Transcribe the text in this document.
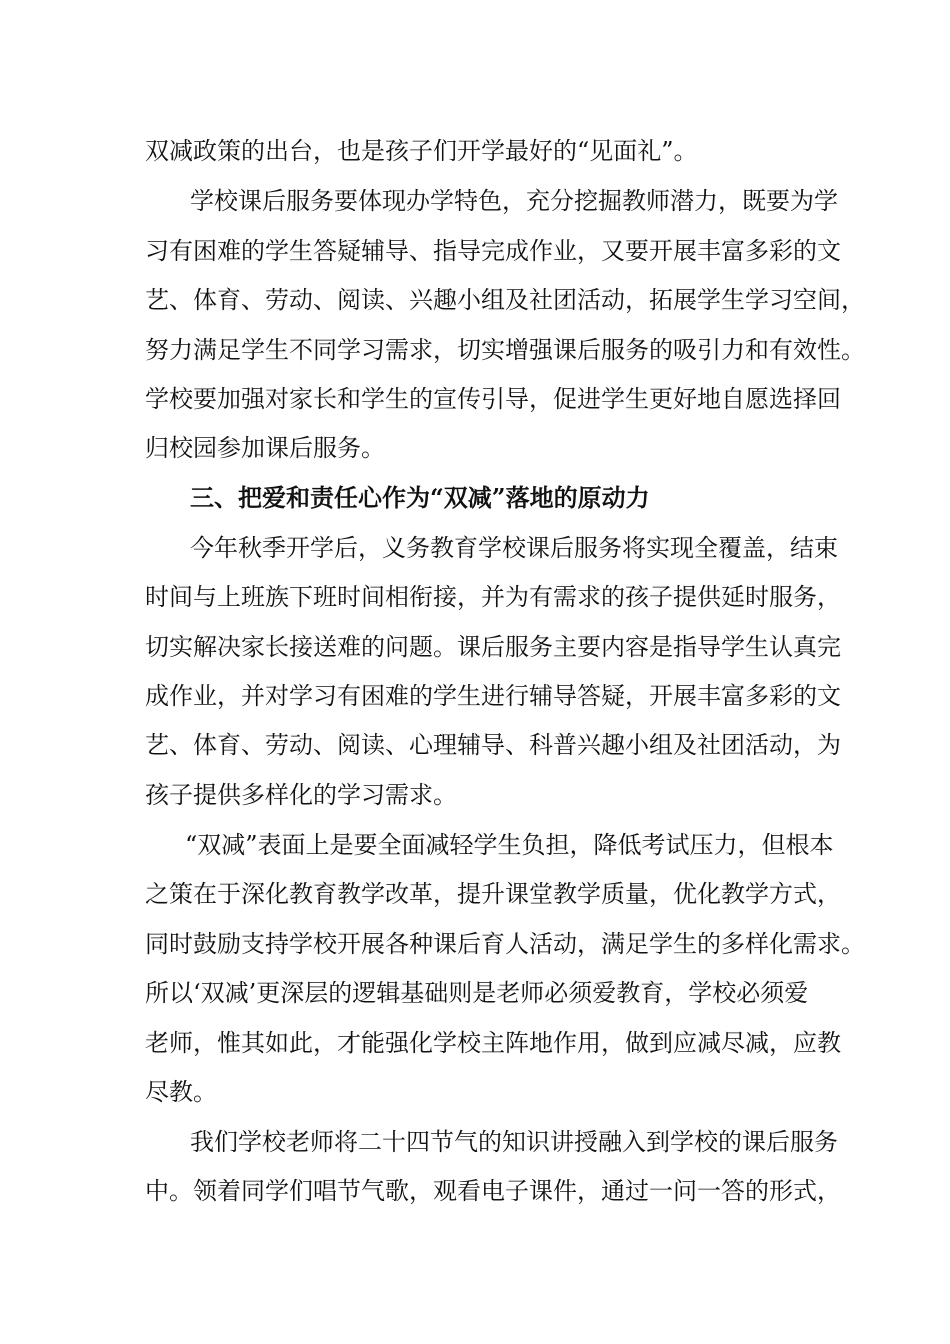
双减政策的出台，也是孩子们开学最好的“见面礼”。
学校课后服务要体现办学特色，充分挖掘教师潜力，既要为学
习有困难的学生答疑辅导、指导完成作业，又要开展丰富多彩的文
艺、体育、劳动、阅读、兴趣小组及社团活动，拓展学生学习空间，
努力满足学生不同学习需求，切实增强课后服务的吸引力和有效性。
学校要加强对家长和学生的宣传引导，促进学生更好地自愿选择回
归校园参加课后服务。
三、把爱和责任心作为“双减”落地的原动力
今年秋季开学后，义务教育学校课后服务将实现全覆盖，结束
时间与上班族下班时间相衔接，并为有需求的孩子提供延时服务，
切实解决家长接送难的问题。课后服务主要内容是指导学生认真完
成作业，并对学习有困难的学生进行辅导答疑，开展丰富多彩的文
艺、体育、劳动、阅读、心理辅导、科普兴趣小组及社团活动，为
孩子提供多样化的学习需求。
“双减”表面上是要全面减轻学生负担，降低考试压力，但根本
之策在于深化教育教学改革，提升课堂教学质量，优化教学方式，
同时鼓励支持学校开展各种课后育人活动，满足学生的多样化需求。
所以‘双减’更深层的逻辑基础则是老师必须爱教育，学校必须爱
老师，惟其如此，才能强化学校主阵地作用，做到应减尽减，应教
尽教。
我们学校老师将二十四节气的知识讲授融入到学校的课后服务
中。领着同学们唱节气歌，观看电子课件，通过一问一答的形式，
